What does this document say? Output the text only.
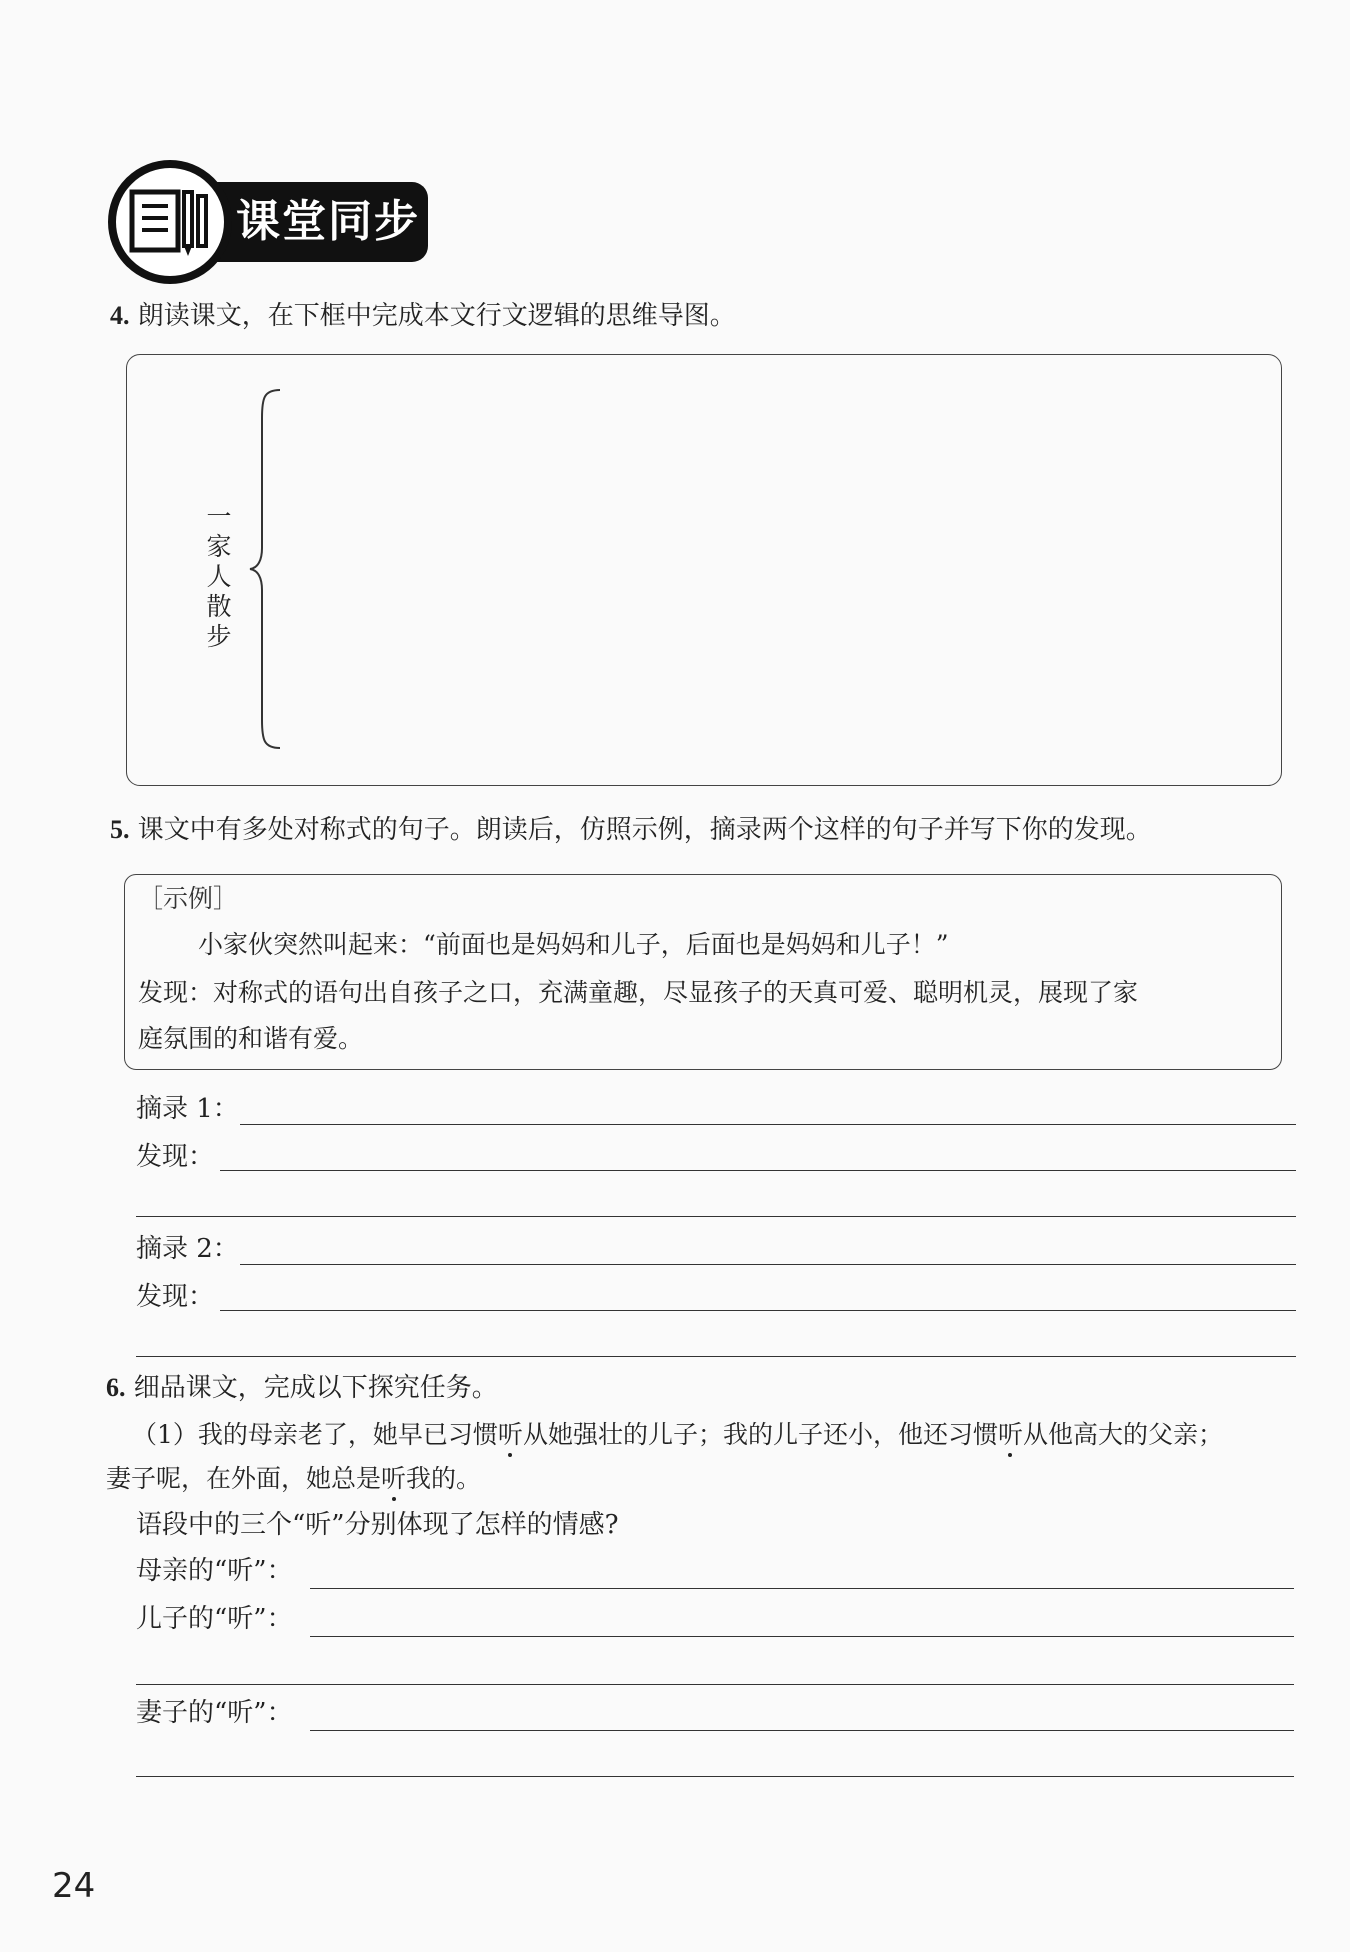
课堂同步
4. 朗读课文，在下框中完成本文行文逻辑的思维导图。
一家人散步
5. 课文中有多处对称式的句子。朗读后，仿照示例，摘录两个这样的句子并写下你的发现。
［示例］
小家伙突然叫起来：“前面也是妈妈和儿子，后面也是妈妈和儿子！”
发现：对称式的语句出自孩子之口，充满童趣，尽显孩子的天真可爱、聪明机灵，展现了家
庭氛围的和谐有爱。
摘录 1：
发现：
摘录 2：
发现：
6. 细品课文，完成以下探究任务。
（1）我的母亲老了，她早已习惯听从她强壮的儿子；我的儿子还小，他还习惯听从他高大的父亲；
妻子呢，在外面，她总是听我的。
语段中的三个“听”分别体现了怎样的情感?
母亲的“听”：
儿子的“听”：
妻子的“听”：
24
